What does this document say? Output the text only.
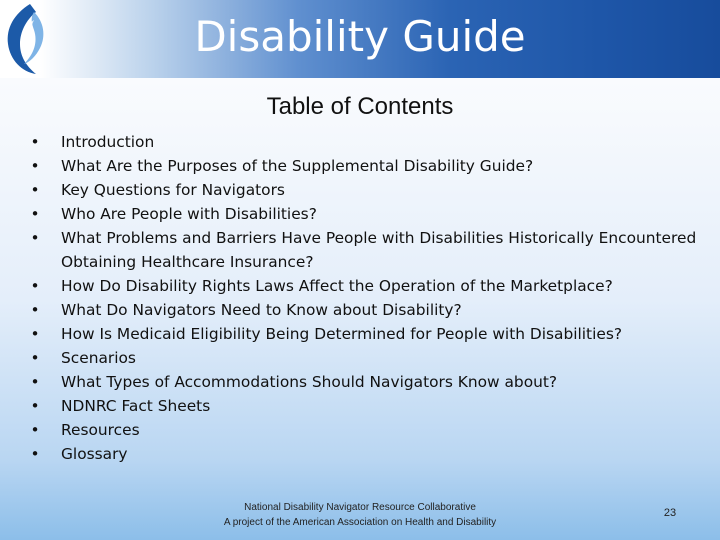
Disability Guide
Table of Contents
• Introduction
• What Are the Purposes of the Supplemental Disability Guide?
• Key Questions for Navigators
• Who Are People with Disabilities?
• What Problems and Barriers Have People with Disabilities Historically Encountered Obtaining Healthcare Insurance?
• How Do Disability Rights Laws Affect the Operation of the Marketplace?
• What Do Navigators Need to Know about Disability?
• How Is Medicaid Eligibility Being Determined for People with Disabilities?
• Scenarios
• What Types of Accommodations Should Navigators Know about?
• NDNRC Fact Sheets
• Resources
• Glossary
National Disability Navigator Resource Collaborative
A project of the American Association on Health and Disability
23
